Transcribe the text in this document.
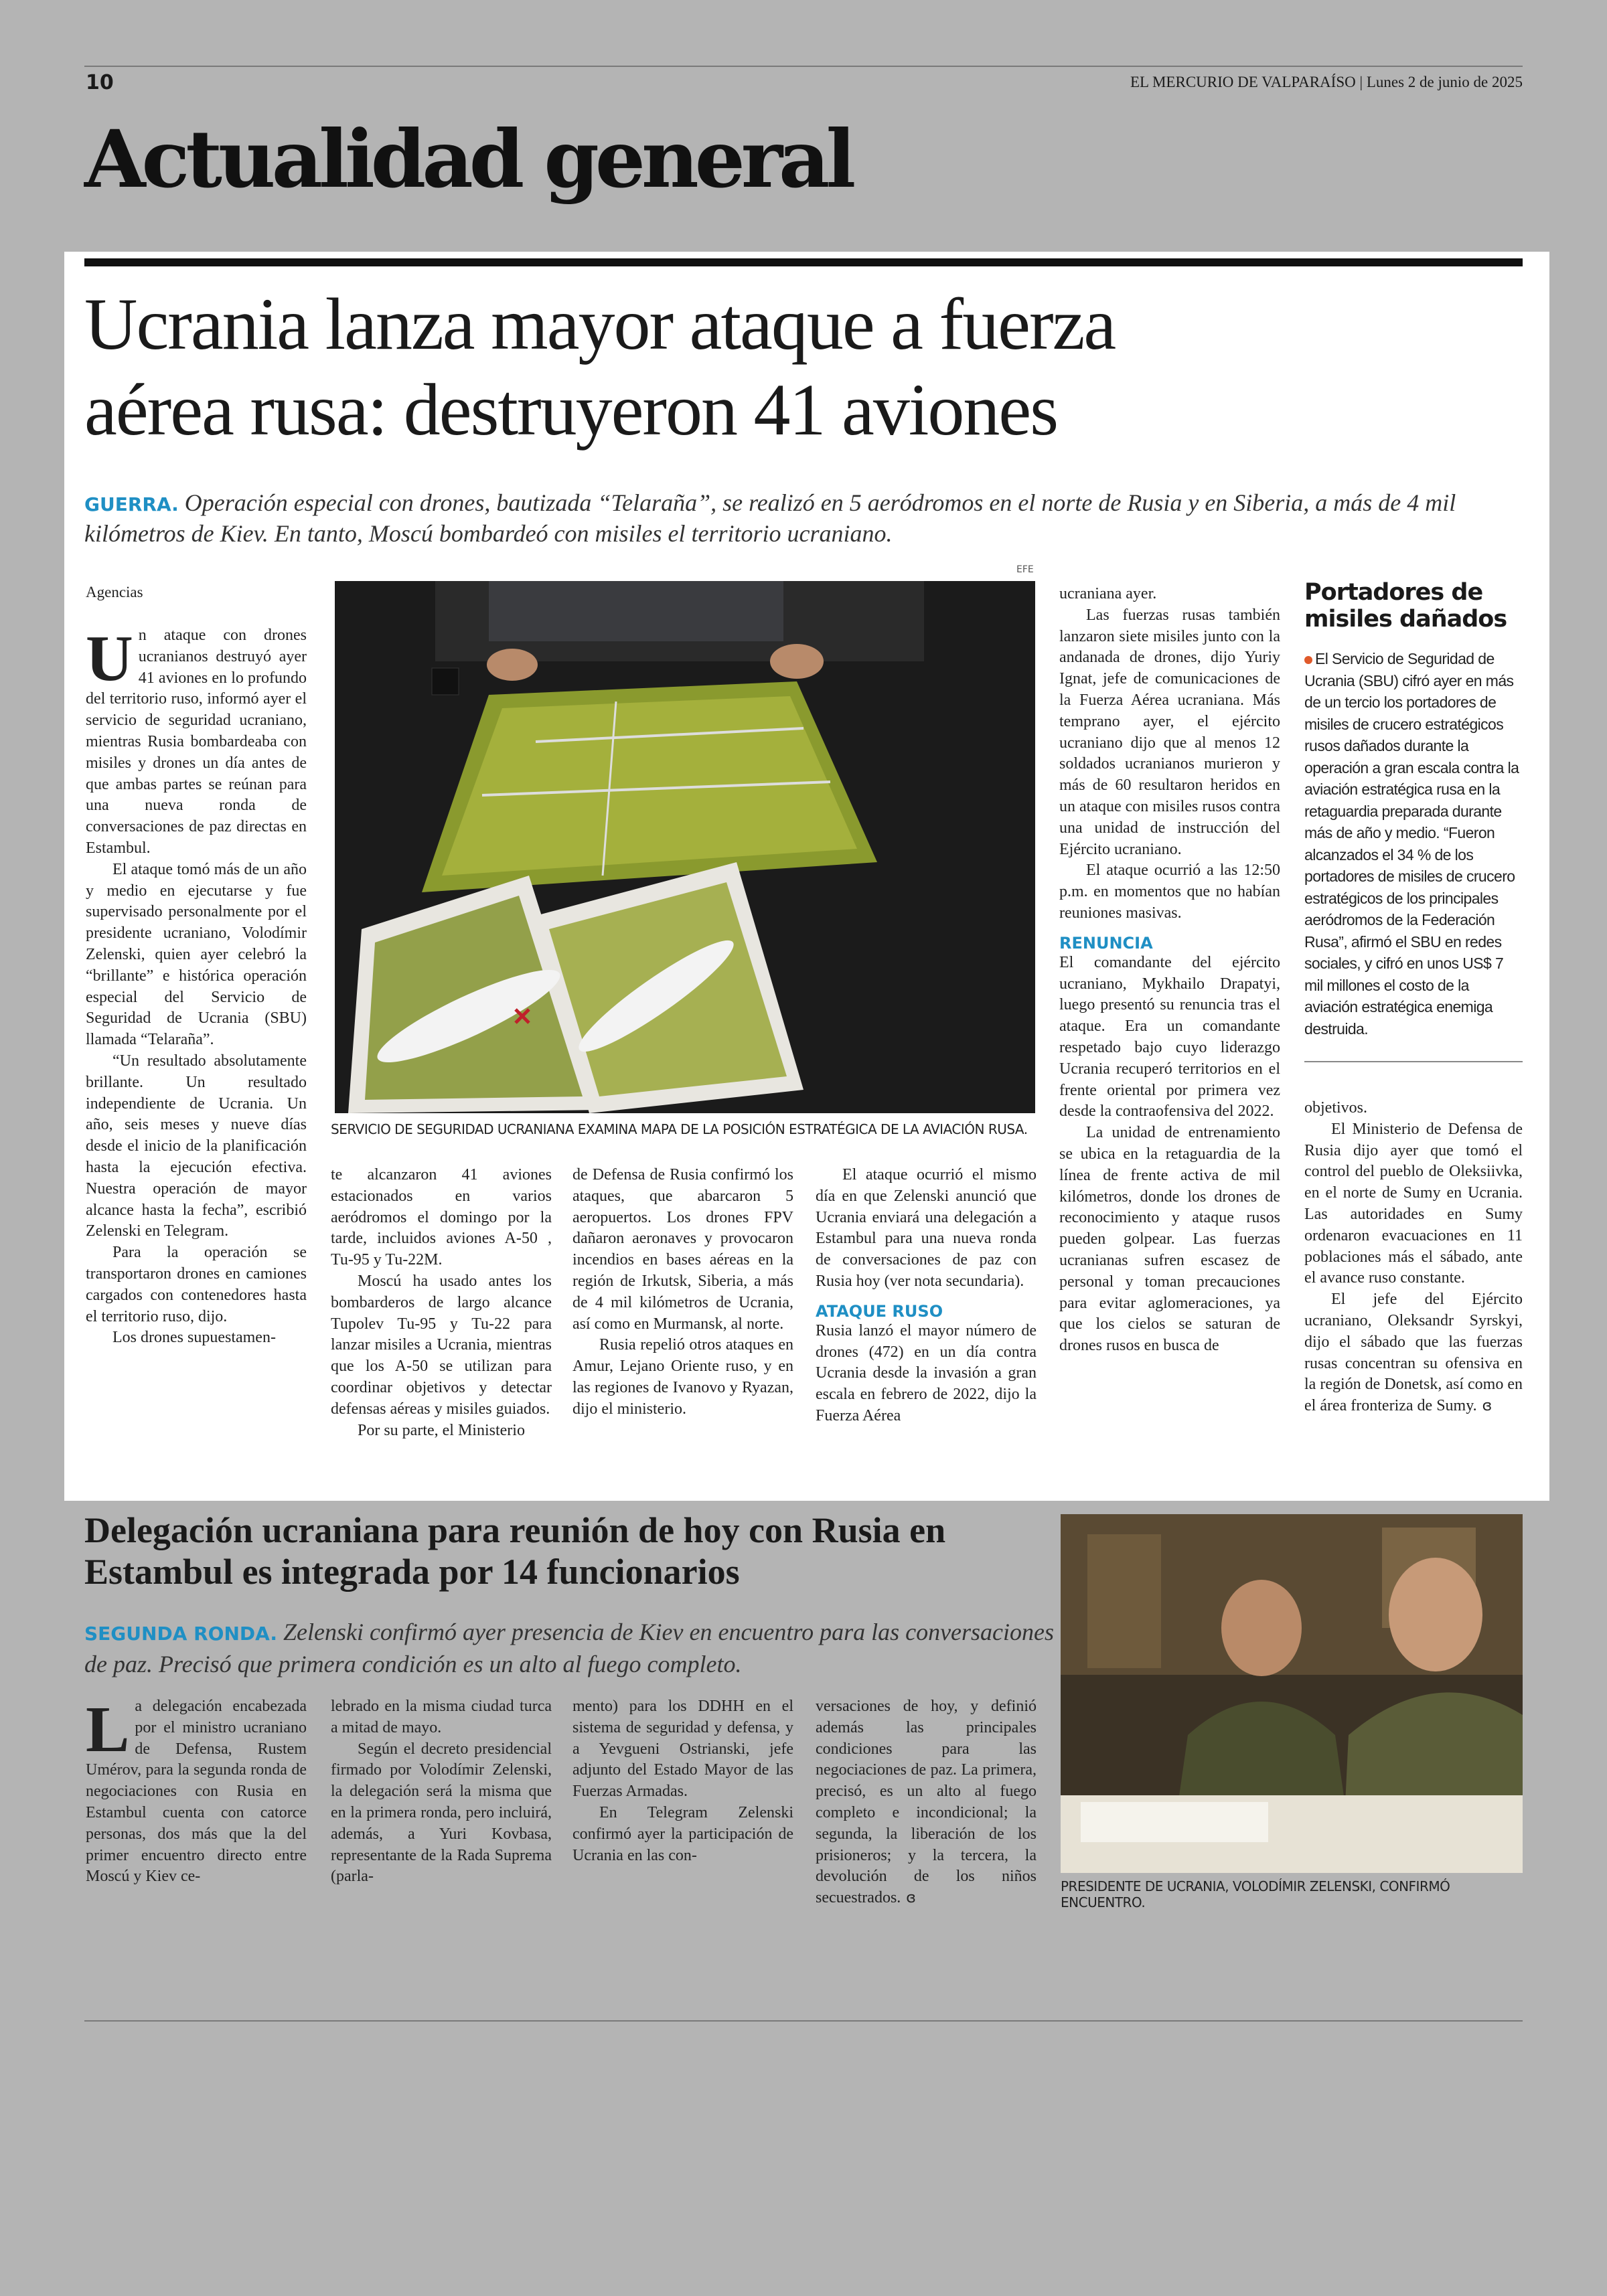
10	EL MERCURIO DE VALPARAÍSO | Lunes 2 de junio de 2025
Actualidad general
Ucrania lanza mayor ataque a fuerza
aérea rusa: destruyeron 41 aviones
GUERRA. Operación especial con drones, bautizada “Telaraña”, se realizó en 5 aeródromos en el norte de Rusia y en Siberia, a más de 4 mil kilómetros de Kiev. En tanto, Moscú bombardeó con misiles el territorio ucraniano.
Agencias

Un ataque con drones ucranianos destruyó ayer 41 aviones en lo profundo del territorio ruso, informó ayer el servicio de seguridad ucraniano, mientras Rusia bombardeaba con misiles y drones un día antes de que ambas partes se reúnan para una nueva ronda de conversaciones de paz directas en Estambul.

El ataque tomó más de un año y medio en ejecutarse y fue supervisado personalmente por el presidente ucraniano, Volodímir Zelenski, quien ayer celebró la “brillante” e histórica operación especial del Servicio de Seguridad de Ucrania (SBU) llamada “Telaraña”.

“Un resultado absolutamente brillante. Un resultado independiente de Ucrania. Un año, seis meses y nueve días desde el inicio de la planificación hasta la ejecución efectiva. Nuestra operación de mayor alcance hasta la fecha”, escribió Zelenski en Telegram.

Para la operación se transportaron drones en camiones cargados con contenedores hasta el territorio ruso, dijo.

Los drones supuestamen-

EFE
SERVICIO DE SEGURIDAD UCRANIANA EXAMINA MAPA DE LA POSICIÓN ESTRATÉGICA DE LA AVIACIÓN RUSA.

te alcanzaron 41 aviones estacionados en varios aeródromos el domingo por la tarde, incluidos aviones A-50 , Tu-95 y Tu-22M.

Moscú ha usado antes los bombarderos de largo alcance Tupolev Tu-95 y Tu-22 para lanzar misiles a Ucrania, mientras que los A-50 se utilizan para coordinar objetivos y detectar defensas aéreas y misiles guiados.

Por su parte, el Ministerio

de Defensa de Rusia confirmó los ataques, que abarcaron 5 aeropuertos. Los drones FPV dañaron aeronaves y provocaron incendios en bases aéreas en la región de Irkutsk, Siberia, a más de 4 mil kilómetros de Ucrania, así como en Murmansk, al norte.

Rusia repelió otros ataques en Amur, Lejano Oriente ruso, y en las regiones de Ivanovo y Ryazan, dijo el ministerio.

El ataque ocurrió el mismo día en que Zelenski anunció que Ucrania enviará una delegación a Estambul para una nueva ronda de conversaciones de paz con Rusia hoy (ver nota secundaria).

ATAQUE RUSO

Rusia lanzó el mayor número de drones (472) en un día contra Ucrania desde la invasión a gran escala en febrero de 2022, dijo la Fuerza Aérea

ucraniana ayer.

Las fuerzas rusas también lanzaron siete misiles junto con la andanada de drones, dijo Yuriy Ignat, jefe de comunicaciones de la Fuerza Aérea ucraniana. Más temprano ayer, el ejército ucraniano dijo que al menos 12 soldados ucranianos murieron y más de 60 resultaron heridos en un ataque con misiles rusos contra una unidad de instrucción del Ejército ucraniano.

El ataque ocurrió a las 12:50 p.m. en momentos que no habían reuniones masivas.

RENUNCIA

El comandante del ejército ucraniano, Mykhailo Drapatyi, luego presentó su renuncia tras el ataque. Era un comandante respetado bajo cuyo liderazgo Ucrania recuperó territorios en el frente oriental por primera vez desde la contraofensiva del 2022.

La unidad de entrenamiento se ubica en la retaguardia de la línea de frente activa de mil kilómetros, donde los drones de reconocimiento y ataque rusos pueden golpear. Las fuerzas ucranianas sufren escasez de personal y toman precauciones para evitar aglomeraciones, ya que los cielos se saturan de drones rusos en busca de

Portadores de misiles dañados
El Servicio de Seguridad de Ucrania (SBU) cifró ayer en más de un tercio los portadores de misiles de crucero estratégicos rusos dañados durante la operación a gran escala contra la aviación estratégica rusa en la retaguardia preparada durante más de año y medio. “Fueron alcanzados el 34 % de los portadores de misiles de crucero estratégicos de los principales aeródromos de la Federación Rusa”, afirmó el SBU en redes sociales, y cifró en unos US$ 7 mil millones el costo de la aviación estratégica enemiga destruida.

objetivos.

El Ministerio de Defensa de Rusia dijo ayer que tomó el control del pueblo de Oleksiivka, en el norte de Sumy en Ucrania. Las autoridades en Sumy ordenaron evacuaciones en 11 poblaciones más el sábado, ante el avance ruso constante.

El jefe del Ejército ucraniano, Oleksandr Syrskyi, dijo el sábado que las fuerzas rusas concentran su ofensiva en la región de Donetsk, así como en el área fronteriza de Sumy. ɞ

Delegación ucraniana para reunión de hoy con Rusia en Estambul es integrada por 14 funcionarios
SEGUNDA RONDA. Zelenski confirmó ayer presencia de Kiev en encuentro para las conversaciones de paz. Precisó que primera condición es un alto al fuego completo.

La delegación encabezada por el ministro ucraniano de Defensa, Rustem Umérov, para la segunda ronda de negociaciones con Rusia en Estambul cuenta con catorce personas, dos más que la del primer encuentro directo entre Moscú y Kiev ce-

lebrado en la misma ciudad turca a mitad de mayo.

Según el decreto presidencial firmado por Volodímir Zelenski, la delegación será la misma que en la primera ronda, pero incluirá, además, a Yuri Kovbasa, representante de la Rada Suprema (parla-

mento) para los DDHH en el sistema de seguridad y defensa, y a Yevgueni Ostrianski, jefe adjunto del Estado Mayor de las Fuerzas Armadas.

En Telegram Zelenski confirmó ayer la participación de Ucrania en las con-

versaciones de hoy, y definió además las principales condiciones para las negociaciones de paz. La primera, precisó, es un alto al fuego completo e incondicional; la segunda, la liberación de los prisioneros; y la tercera, la devolución de los niños secuestrados. ɞ

PRESIDENTE DE UCRANIA, VOLODÍMIR ZELENSKI, CONFIRMÓ ENCUENTRO.
